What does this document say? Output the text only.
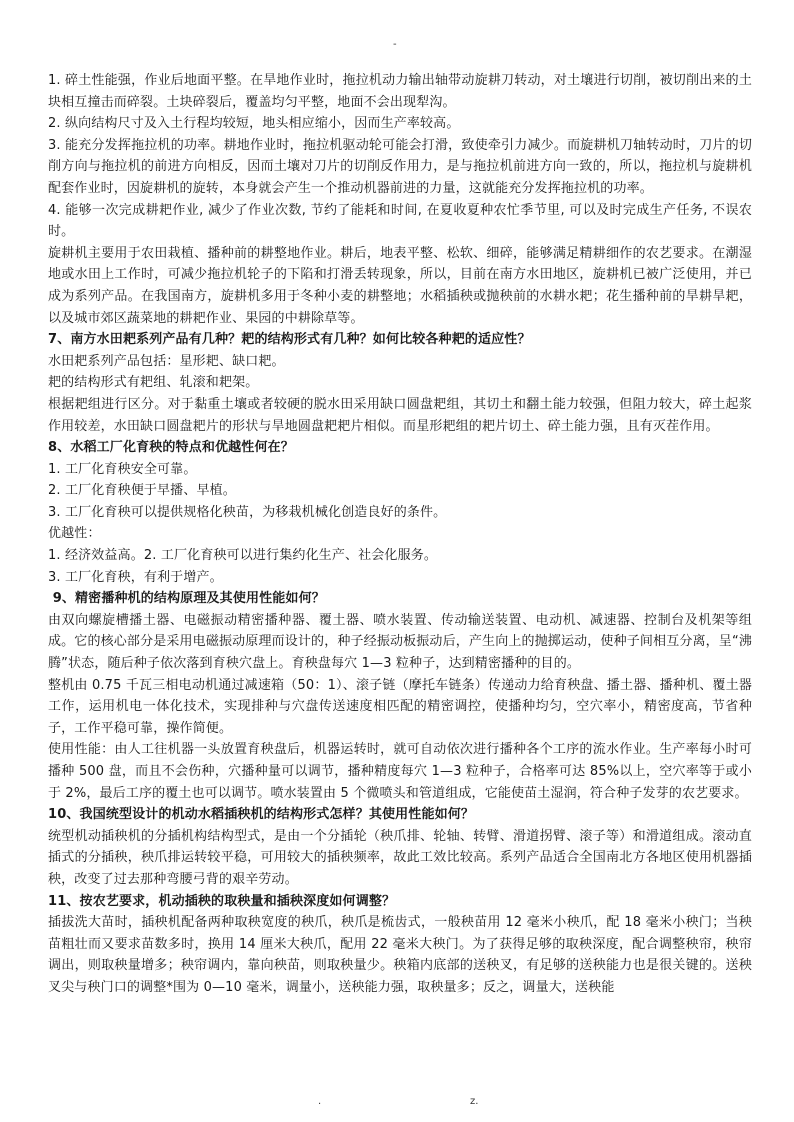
-

1. 碎土性能强，作业后地面平整。在旱地作业时，拖拉机动力输出轴带动旋耕刀转动，对土壤进行切削，被切削出来的土块相互撞击而碎裂。土块碎裂后，覆盖均匀平整，地面不会出现犁沟。

2. 纵向结构尺寸及入土行程均较短，地头相应缩小，因而生产率较高。

3. 能充分发挥拖拉机的功率。耕地作业时，拖拉机驱动轮可能会打滑，致使牵引力减少。而旋耕机刀轴转动时，刀片的切削方向与拖拉机的前进方向相反，因而土壤对刀片的切削反作用力，是与拖拉机前进方向一致的，所以，拖拉机与旋耕机配套作业时，因旋耕机的旋转，本身就会产生一个推动机器前进的力量，这就能充分发挥拖拉机的功率。

4. 能够一次完成耕耙作业, 减少了作业次数, 节约了能耗和时间, 在夏收夏种农忙季节里, 可以及时完成生产任务, 不误农时。

旋耕机主要用于农田栽植、播种前的耕整地作业。耕后，地表平整、松软、细碎，能够满足精耕细作的农艺要求。在潮湿地或水田上工作时，可减少拖拉机轮子的下陷和打滑丢转现象，所以，目前在南方水田地区，旋耕机已被广泛使用，并已成为系列产品。在我国南方，旋耕机多用于冬种小麦的耕整地；水稻插秧或抛秧前的水耕水耙；花生播种前的旱耕旱耙，以及城市郊区蔬菜地的耕耙作业、果园的中耕除草等。

7、南方水田耙系列产品有几种？耙的结构形式有几种？如何比较各种耙的适应性？

水田耙系列产品包括：星形耙、缺口耙。

耙的结构形式有耙组、轧滚和耙架。

根据耙组进行区分。对于黏重土壤或者较硬的脱水田采用缺口圆盘耙组，其切土和翻土能力较强，但阻力较大，碎土起浆作用较差，水田缺口圆盘耙片的形状与旱地圆盘耙耙片相似。而星形耙组的耙片切土、碎土能力强，且有灭茬作用。

8、水稻工厂化育秧的特点和优越性何在？

1. 工厂化育秧安全可靠。

2. 工厂化育秧便于早播、早植。

3. 工厂化育秧可以提供规格化秧苗，为移栽机械化创造良好的条件。

优越性：

1. 经济效益高。2. 工厂化育秧可以进行集约化生产、社会化服务。

3. 工厂化育秧，有利于增产。

9、精密播种机的结构原理及其使用性能如何？

由双向螺旋槽播土器、电磁振动精密播种器、覆土器、喷水装置、传动输送装置、电动机、减速器、控制台及机架等组成。它的核心部分是采用电磁振动原理而设计的，种子经振动板振动后，产生向上的抛掷运动，使种子间相互分离，呈“沸腾”状态，随后种子依次落到育秧穴盘上。育秧盘每穴 1—3 粒种子，达到精密播种的目的。

整机由 0.75 千瓦三相电动机通过减速箱（50：1）、滚子链（摩托车链条）传递动力给育秧盘、播土器、播种机、覆土器工作，运用机电一体化技术，实现排种与穴盘传送速度相匹配的精密调控，使播种均匀，空穴率小，精密度高，节省种子，工作平稳可靠，操作简便。

使用性能：由人工往机器一头放置育秧盘后，机器运转时，就可自动依次进行播种各个工序的流水作业。生产率每小时可播种 500 盘，而且不会伤种，穴播种量可以调节，播种精度每穴 1—3 粒种子，合格率可达 85%以上，空穴率等于或小于 2%，最后工序的覆土也可以调节。喷水装置由 5 个微喷头和管道组成，它能使苗土湿润，符合种子发芽的农艺要求。

10、我国统型设计的机动水稻插秧机的结构形式怎样？其使用性能如何？

统型机动插秧机的分插机构结构型式，是由一个分插轮（秧爪排、轮轴、转臂、滑道拐臂、滚子等）和滑道组成。滚动直插式的分插秧，秧爪排运转较平稳，可用较大的插秧频率，故此工效比较高。系列产品适合全国南北方各地区使用机器插秧，改变了过去那种弯腰弓背的艰辛劳动。

11、按农艺要求，机动插秧的取秧量和插秧深度如何调整？

插拔洗大苗时，插秧机配备两种取秧宽度的秧爪，秧爪是梳齿式，一般秧苗用 12 毫米小秧爪，配 18 毫米小秧门；当秧苗粗壮而又要求苗数多时，换用 14 厘米大秧爪，配用 22 毫米大秧门。为了获得足够的取秧深度，配合调整秧帘，秧帘调出，则取秧量增多；秧帘调内，靠向秧苗，则取秧量少。秧箱内底部的送秧叉，有足够的送秧能力也是很关键的。送秧叉尖与秧门口的调整*围为 0—10 毫米，调量小，送秧能力强，取秧量多；反之，调量大，送秧能

.	z.
